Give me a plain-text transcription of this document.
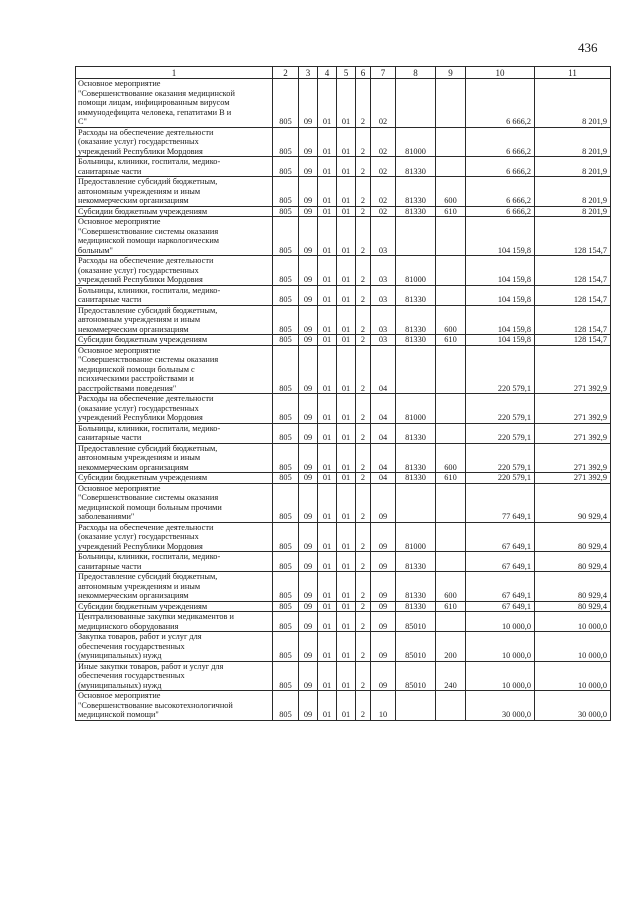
436
1	2	3	4	5	6	7	8	9	10	11
Основное мероприятие
"Совершенствование оказания медицинской
помощи лицам, инфицированным вирусом
иммунодефицита человека, гепатитами В и
С"	805	09	01	01	2	02			6 666,2	8 201,9
Расходы на обеспечение деятельности
(оказание услуг) государственных
учреждений Республики Мордовия	805	09	01	01	2	02	81000		6 666,2	8 201,9
Больницы, клиники, госпитали, медико-
санитарные части	805	09	01	01	2	02	81330		6 666,2	8 201,9
Предоставление субсидий бюджетным,
автономным учреждениям и иным
некоммерческим организациям	805	09	01	01	2	02	81330	600	6 666,2	8 201,9
Субсидии бюджетным учреждениям	805	09	01	01	2	02	81330	610	6 666,2	8 201,9
Основное мероприятие
"Совершенствование системы оказания
медицинской помощи наркологическим
больным"	805	09	01	01	2	03			104 159,8	128 154,7
Расходы на обеспечение деятельности
(оказание услуг) государственных
учреждений Республики Мордовия	805	09	01	01	2	03	81000		104 159,8	128 154,7
Больницы, клиники, госпитали, медико-
санитарные части	805	09	01	01	2	03	81330		104 159,8	128 154,7
Предоставление субсидий бюджетным,
автономным учреждениям и иным
некоммерческим организациям	805	09	01	01	2	03	81330	600	104 159,8	128 154,7
Субсидии бюджетным учреждениям	805	09	01	01	2	03	81330	610	104 159,8	128 154,7
Основное мероприятие
"Совершенствование системы оказания
медицинской помощи больным с
психическими расстройствами и
расстройствами поведения"	805	09	01	01	2	04			220 579,1	271 392,9
Расходы на обеспечение деятельности
(оказание услуг) государственных
учреждений Республики Мордовия	805	09	01	01	2	04	81000		220 579,1	271 392,9
Больницы, клиники, госпитали, медико-
санитарные части	805	09	01	01	2	04	81330		220 579,1	271 392,9
Предоставление субсидий бюджетным,
автономным учреждениям и иным
некоммерческим организациям	805	09	01	01	2	04	81330	600	220 579,1	271 392,9
Субсидии бюджетным учреждениям	805	09	01	01	2	04	81330	610	220 579,1	271 392,9
Основное мероприятие
"Совершенствование системы оказания
медицинской помощи больным прочими
заболеваниями"	805	09	01	01	2	09			77 649,1	90 929,4
Расходы на обеспечение деятельности
(оказание услуг) государственных
учреждений Республики Мордовия	805	09	01	01	2	09	81000		67 649,1	80 929,4
Больницы, клиники, госпитали, медико-
санитарные части	805	09	01	01	2	09	81330		67 649,1	80 929,4
Предоставление субсидий бюджетным,
автономным учреждениям и иным
некоммерческим организациям	805	09	01	01	2	09	81330	600	67 649,1	80 929,4
Субсидии бюджетным учреждениям	805	09	01	01	2	09	81330	610	67 649,1	80 929,4
Централизованные закупки медикаментов и
медицинского оборудования	805	09	01	01	2	09	85010		10 000,0	10 000,0
Закупка товаров, работ и услуг для
обеспечения государственных
(муниципальных) нужд	805	09	01	01	2	09	85010	200	10 000,0	10 000,0
Иные закупки товаров, работ и услуг для
обеспечения государственных
(муниципальных) нужд	805	09	01	01	2	09	85010	240	10 000,0	10 000,0
Основное мероприятие
"Совершенствование высокотехнологичной
медицинской помощи"	805	09	01	01	2	10			30 000,0	30 000,0
